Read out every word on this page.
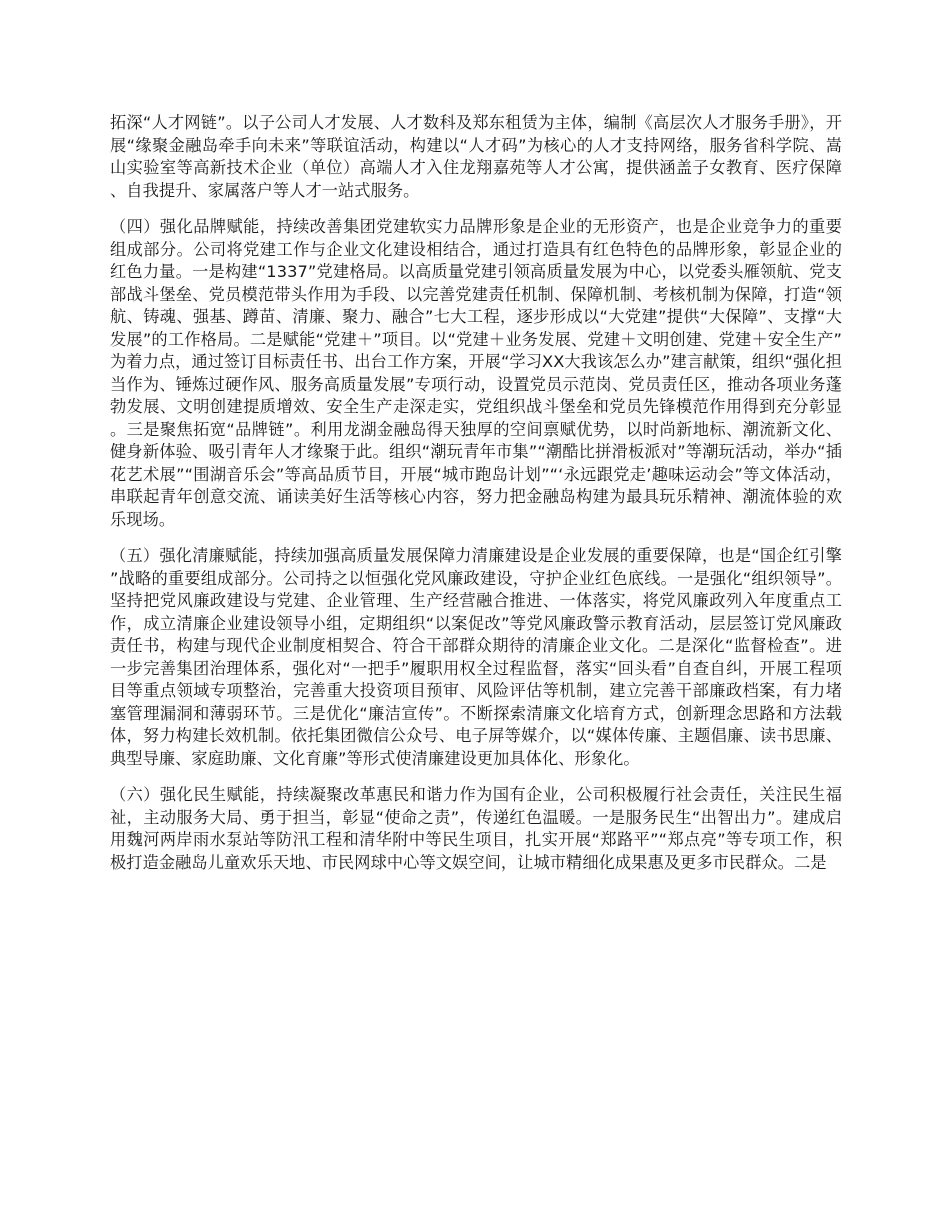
拓深“人才网链”。以子公司人才发展、人才数科及郑东租赁为主体，编制《高层次人才服务手册》，开展“缘聚金融岛牵手向未来”等联谊活动，构建以“人才码”为核心的人才支持网络，服务省科学院、嵩山实验室等高新技术企业（单位）高端人才入住龙翔嘉苑等人才公寓，提供涵盖子女教育、医疗保障、自我提升、家属落户等人才一站式服务。

（四）强化品牌赋能，持续改善集团党建软实力品牌形象是企业的无形资产，也是企业竞争力的重要组成部分。公司将党建工作与企业文化建设相结合，通过打造具有红色特色的品牌形象，彰显企业的红色力量。一是构建“1337”党建格局。以高质量党建引领高质量发展为中心，以党委头雁领航、党支部战斗堡垒、党员模范带头作用为手段、以完善党建责任机制、保障机制、考核机制为保障，打造“领航、铸魂、强基、蹲苗、清廉、聚力、融合”七大工程，逐步形成以“大党建”提供“大保障”、支撑“大发展”的工作格局。二是赋能“党建＋”项目。以“党建＋业务发展、党建＋文明创建、党建＋安全生产”为着力点，通过签订目标责任书、出台工作方案，开展“学习XX大我该怎么办”建言献策，组织“强化担当作为、锤炼过硬作风、服务高质量发展”专项行动，设置党员示范岗、党员责任区，推动各项业务蓬勃发展、文明创建提质增效、安全生产走深走实，党组织战斗堡垒和党员先锋模范作用得到充分彰显。三是聚焦拓宽“品牌链”。利用龙湖金融岛得天独厚的空间禀赋优势，以时尚新地标、潮流新文化、健身新体验、吸引青年人才缘聚于此。组织“潮玩青年市集”“潮酷比拼滑板派对”等潮玩活动，举办“插花艺术展”“围湖音乐会”等高品质节目，开展“城市跑岛计划”“‘永远跟党走’趣味运动会”等文体活动，串联起青年创意交流、诵读美好生活等核心内容，努力把金融岛构建为最具玩乐精神、潮流体验的欢乐现场。

（五）强化清廉赋能，持续加强高质量发展保障力清廉建设是企业发展的重要保障，也是“国企红引擎”战略的重要组成部分。公司持之以恒强化党风廉政建设，守护企业红色底线。一是强化“组织领导”。坚持把党风廉政建设与党建、企业管理、生产经营融合推进、一体落实，将党风廉政列入年度重点工作，成立清廉企业建设领导小组，定期组织“以案促改”等党风廉政警示教育活动，层层签订党风廉政责任书，构建与现代企业制度相契合、符合干部群众期待的清廉企业文化。二是深化“监督检查”。进一步完善集团治理体系，强化对“一把手”履职用权全过程监督，落实“回头看”自查自纠，开展工程项目等重点领域专项整治，完善重大投资项目预审、风险评估等机制，建立完善干部廉政档案，有力堵塞管理漏洞和薄弱环节。三是优化“廉洁宣传”。不断探索清廉文化培育方式，创新理念思路和方法载体，努力构建长效机制。依托集团微信公众号、电子屏等媒介，以“媒体传廉、主题倡廉、读书思廉、典型导廉、家庭助廉、文化育廉”等形式使清廉建设更加具体化、形象化。

（六）强化民生赋能，持续凝聚改革惠民和谐力作为国有企业，公司积极履行社会责任，关注民生福祉，主动服务大局、勇于担当，彰显“使命之责”，传递红色温暖。一是服务民生“出智出力”。建成启用魏河两岸雨水泵站等防汛工程和清华附中等民生项目，扎实开展“郑路平”“郑点亮”等专项工作，积极打造金融岛儿童欢乐天地、市民网球中心等文娱空间，让城市精细化成果惠及更多市民群众。二是
